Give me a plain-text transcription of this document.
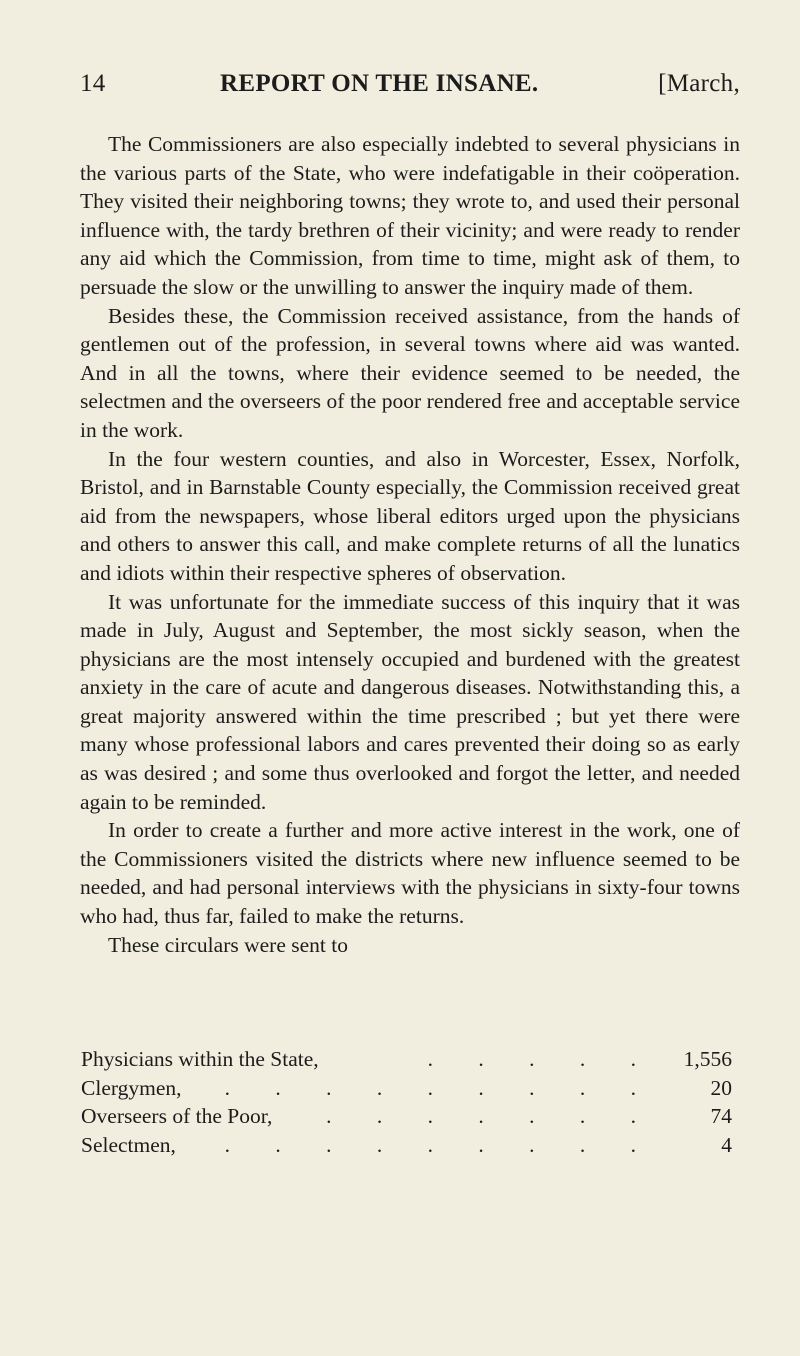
14	REPORT ON THE INSANE.	[March,

The Commissioners are also especially indebted to several physicians in the various parts of the State, who were indefatigable in their coöperation. They visited their neighboring towns; they wrote to, and used their personal influence with, the tardy brethren of their vicinity; and were ready to render any aid which the Commission, from time to time, might ask of them, to persuade the slow or the unwilling to answer the inquiry made of them.

Besides these, the Commission received assistance, from the hands of gentlemen out of the profession, in several towns where aid was wanted. And in all the towns, where their evidence seemed to be needed, the selectmen and the overseers of the poor rendered free and acceptable service in the work.

In the four western counties, and also in Worcester, Essex, Norfolk, Bristol, and in Barnstable County especially, the Commission received great aid from the newspapers, whose liberal editors urged upon the physicians and others to answer this call, and make complete returns of all the lunatics and idiots within their respective spheres of observation.

It was unfortunate for the immediate success of this inquiry that it was made in July, August and September, the most sickly season, when the physicians are the most intensely occupied and burdened with the greatest anxiety in the care of acute and dangerous diseases. Notwithstanding this, a great majority answered within the time prescribed ; but yet there were many whose professional labors and cares prevented their doing so as early as was desired ; and some thus overlooked and forgot the letter, and needed again to be reminded.

In order to create a further and more active interest in the work, one of the Commissioners visited the districts where new influence seemed to be needed, and had personal interviews with the physicians in sixty-four towns who had, thus far, failed to make the returns.

These circulars were sent to

Physicians within the State,	. . . . .	1,556
Clergymen,	. . . . . . . . .	20
Overseers of the Poor,	. . . . . . .	74
Selectmen,	. . . . . . . . .	4
